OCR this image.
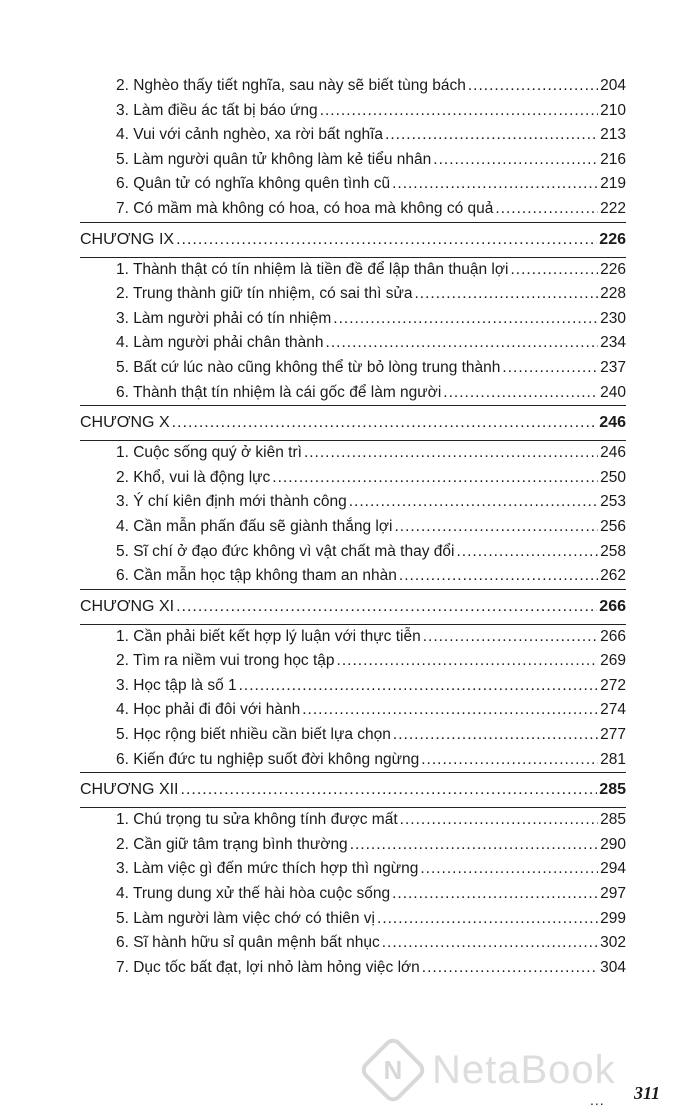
2. Nghèo thấy tiết nghĩa, sau này sẽ biết tùng bách .....	204
3. Làm điều ác tất bị báo ứng .....	210
4. Vui với cảnh nghèo, xa rời bất nghĩa .....	213
5. Làm người quân tử không làm kẻ tiểu nhân .....	216
6. Quân tử có nghĩa không quên tình cũ .....	219
7. Có mầm mà không có hoa, có hoa mà không có quả .....	222
CHƯƠNG IX .....	226
1. Thành thật có tín nhiệm là tiền đề để lập thân thuận lợi .....	226
2. Trung thành giữ tín nhiệm, có sai thì sửa .....	228
3. Làm người phải có tín nhiệm .....	230
4. Làm người phải chân thành .....	234
5. Bất cứ lúc nào cũng không thể từ bỏ lòng trung thành .....	237
6. Thành thật tín nhiệm là cái gốc để làm người .....	240
CHƯƠNG X .....	246
1. Cuộc sống quý ở kiên trì .....	246
2. Khổ, vui là động lực .....	250
3. Ý chí kiên định mới thành công .....	253
4. Cần mẫn phấn đấu sẽ giành thắng lợi .....	256
5. Sĩ chí ở đạo đức không vì vật chất mà thay đổi .....	258
6. Cần mẫn học tập không tham an nhàn .....	262
CHƯƠNG XI .....	266
1. Cần phải biết kết hợp lý luận với thực tiễn .....	266
2. Tìm ra niềm vui trong học tập .....	269
3. Học tập là số 1 .....	272
4. Học phải đi đôi với hành .....	274
5. Học rộng biết nhiều cần biết lựa chọn .....	277
6. Kiến đức tu nghiệp suốt đời không ngừng .....	281
CHƯƠNG XII .....	285
1. Chú trọng tu sửa không tính được mất .....	285
2. Cần giữ tâm trạng bình thường .....	290
3. Làm việc gì đến mức thích hợp thì ngừng .....	294
4. Trung dung xử thế hài hòa cuộc sống .....	297
5. Làm người làm việc chớ có thiên vị .....	299
6. Sĩ hành hữu sỉ quân mệnh bất nhục .....	302
7. Dục tốc bất đạt, lợi nhỏ làm hỏng việc lớn .....	304
N NetaBook
... 311
